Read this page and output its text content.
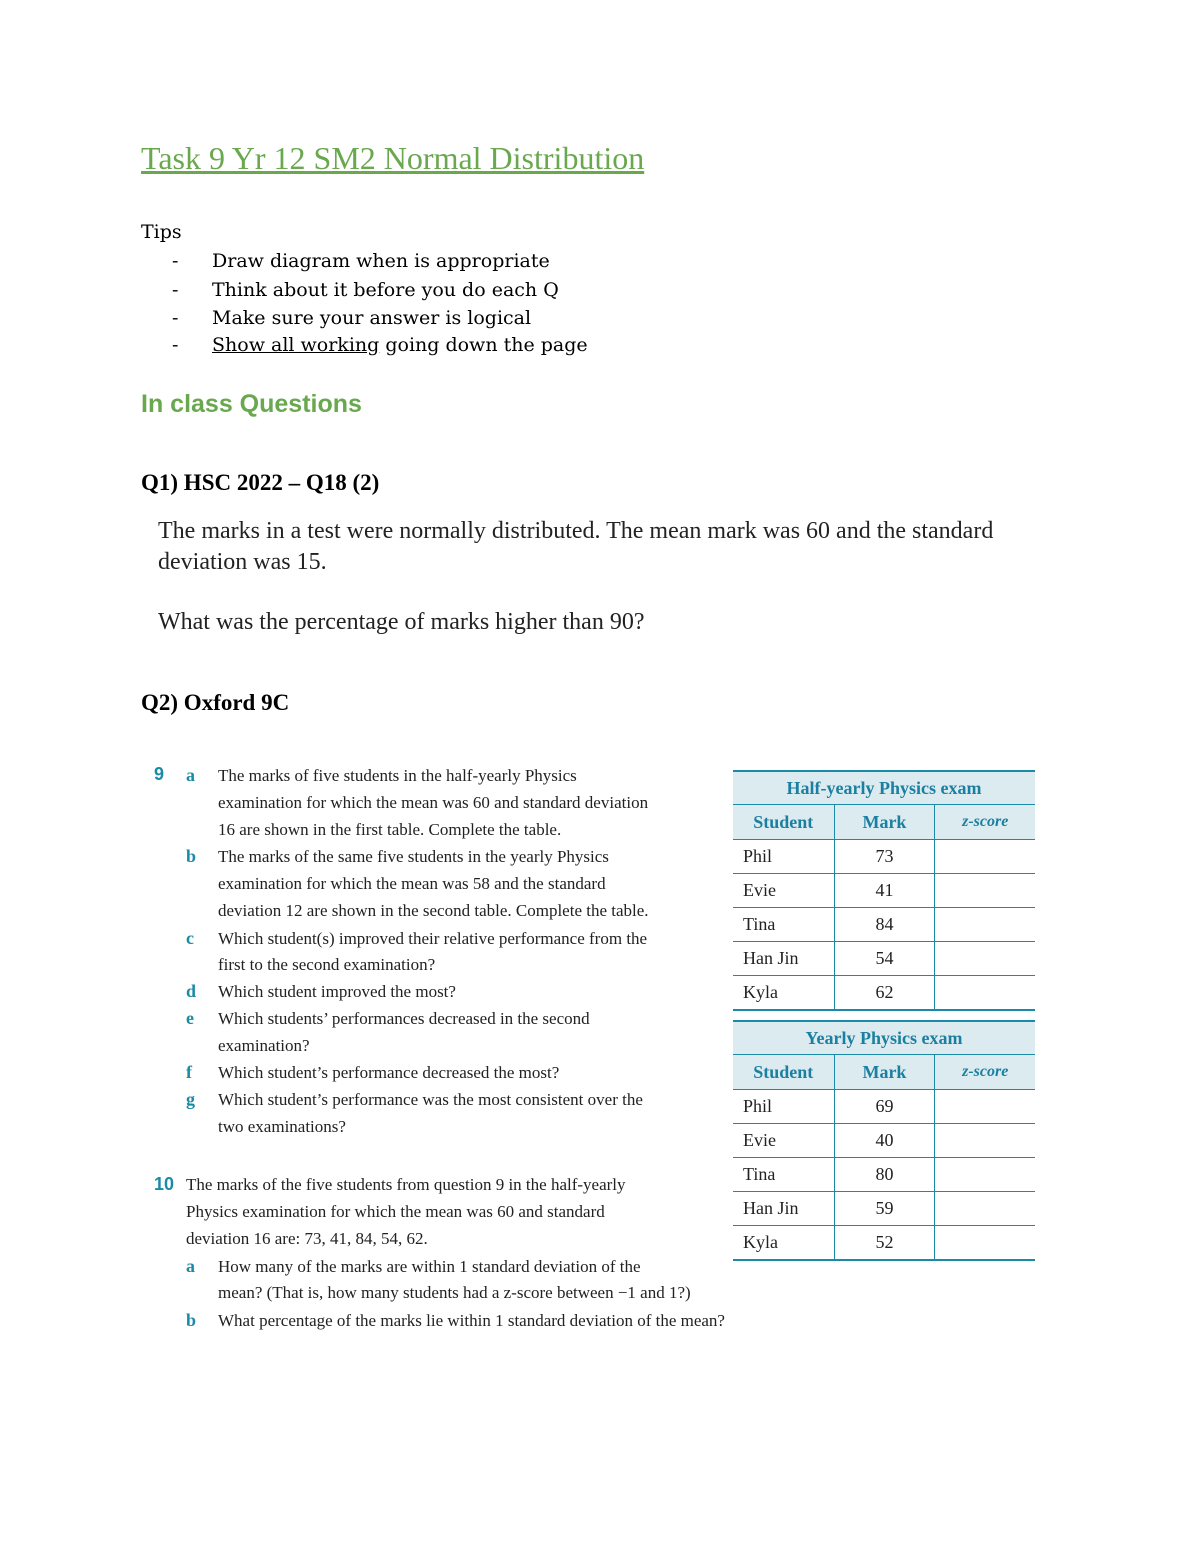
Task 9 Yr 12 SM2 Normal Distribution
Tips
- Draw diagram when is appropriate
- Think about it before you do each Q
- Make sure your answer is logical
- Show all working going down the page
In class Questions
Q1) HSC 2022 – Q18 (2)
The marks in a test were normally distributed. The mean mark was 60 and the standard
deviation was 15.
What was the percentage of marks higher than 90?
Q2) Oxford 9C
9 a The marks of five students in the half-yearly Physics
examination for which the mean was 60 and standard deviation
16 are shown in the first table. Complete the table.
b The marks of the same five students in the yearly Physics
examination for which the mean was 58 and the standard
deviation 12 are shown in the second table. Complete the table.
c Which student(s) improved their relative performance from the
first to the second examination?
d Which student improved the most?
e Which students’ performances decreased in the second
examination?
f Which student’s performance decreased the most?
g Which student’s performance was the most consistent over the
two examinations?
10 The marks of the five students from question 9 in the half-yearly
Physics examination for which the mean was 60 and standard
deviation 16 are: 73, 41, 84, 54, 62.
a How many of the marks are within 1 standard deviation of the
mean? (That is, how many students had a z-score between −1 and 1?)
b What percentage of the marks lie within 1 standard deviation of the mean?
Half-yearly Physics exam		
Student	Mark	z-score
Phil	73	
Evie	41	
Tina	84	
Han Jin	54	
Kyla	62	
Yearly Physics exam		
Student	Mark	z-score
Phil	69	
Evie	40	
Tina	80	
Han Jin	59	
Kyla	52	
